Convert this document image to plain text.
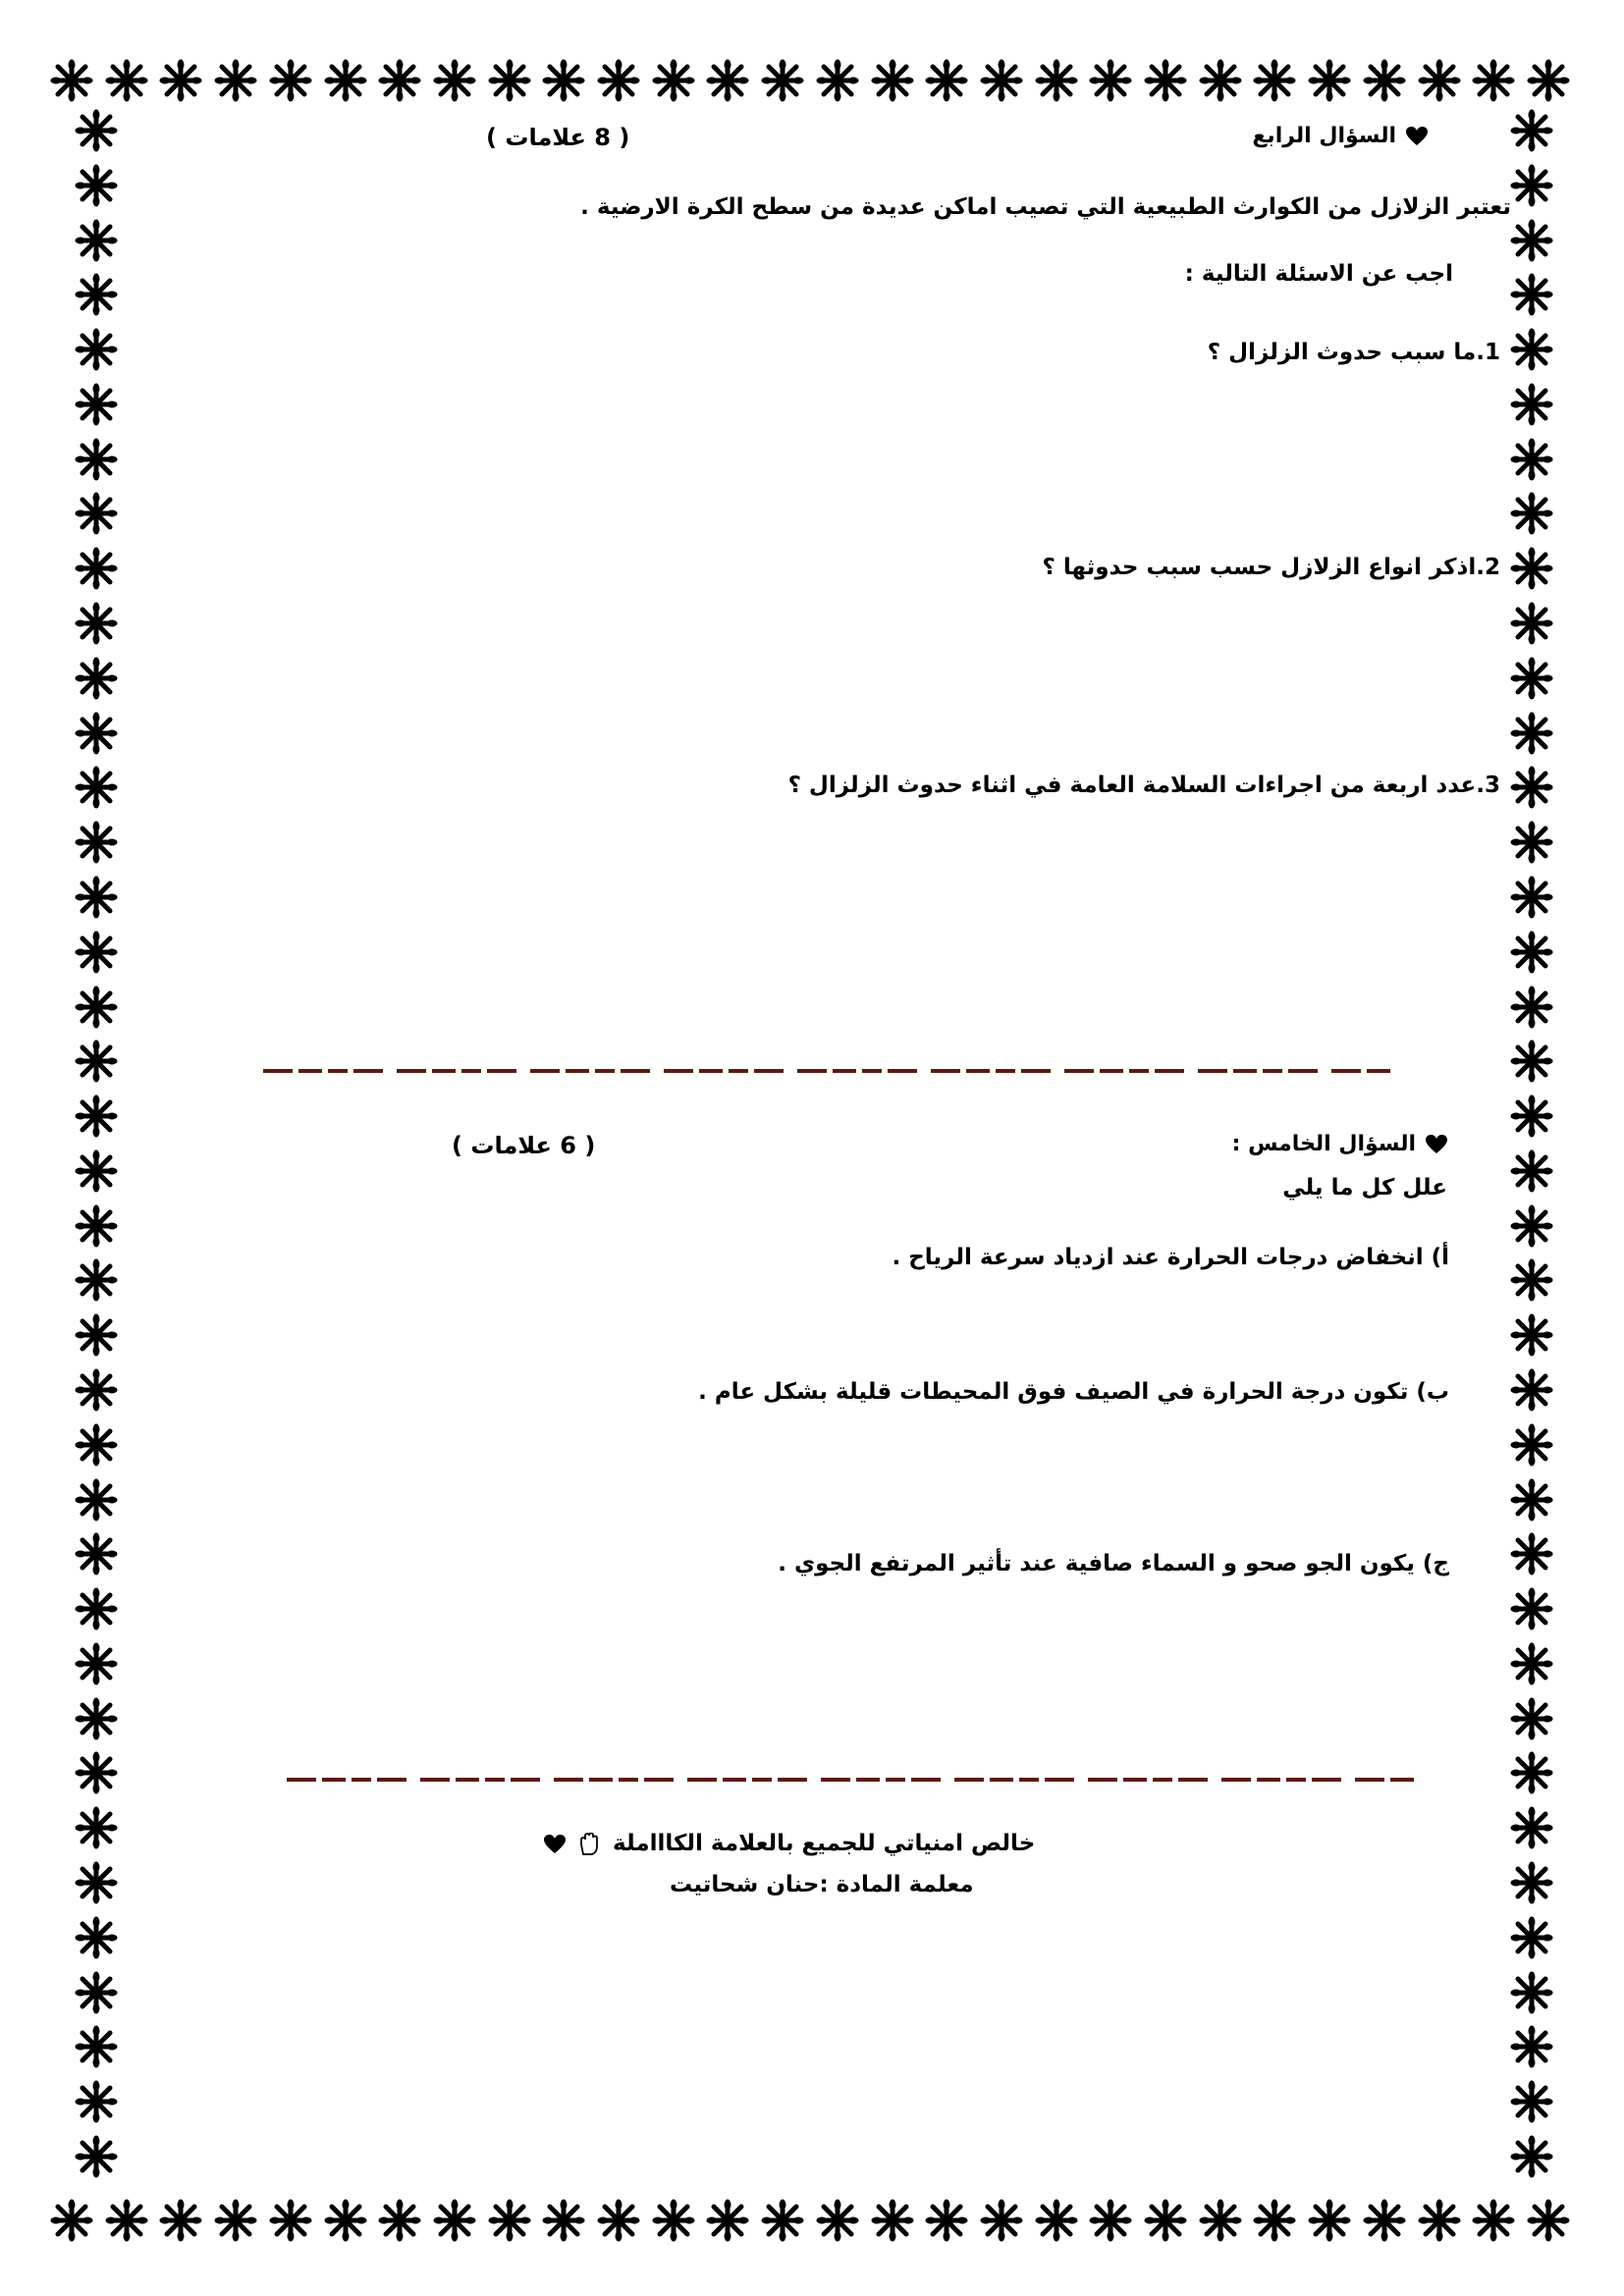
السؤال الرابع
( 8 علامات )
تعتبر الزلازل من الكوارث الطبيعية التي تصيب اماكن عديدة من سطح الكرة الارضية .
اجب عن الاسئلة التالية :
1.ما سبب حدوث الزلزال ؟
2.اذكر انواع الزلازل حسب سبب حدوثها ؟
3.عدد اربعة من اجراءات السلامة العامة في اثناء حدوث الزلزال ؟
السؤال الخامس :
( 6 علامات )
علل كل ما يلي
أ) انخفاض درجات الحرارة عند ازدياد سرعة الرياح .
ب) تكون درجة الحرارة في الصيف فوق المحيطات قليلة بشكل عام .
ج) يكون الجو صحو و السماء صافية عند تأثير المرتفع الجوي .
خالص امنياتي للجميع بالعلامة الكاااملة
معلمة المادة :حنان شحاتيت
